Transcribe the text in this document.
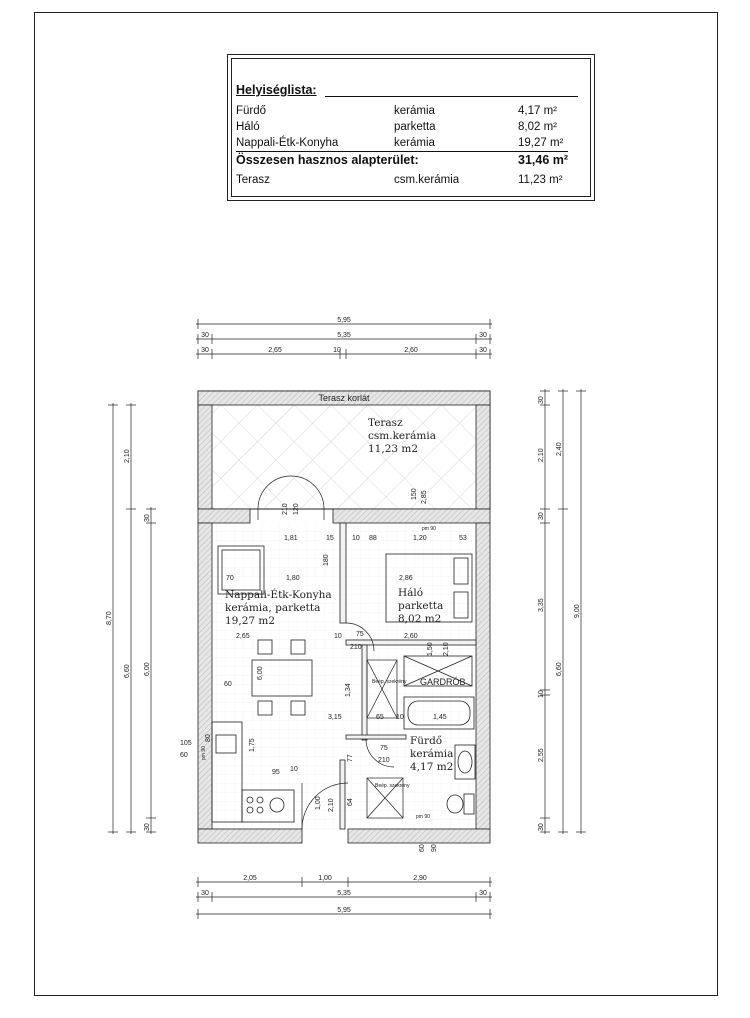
Helyiséglista:
Fürdő	kerámia	4,17 m²
Háló	parketta	8,02 m²
Nappali-Étk-Konyha	kerámia	19,27 m²
Összesen hasznos alapterület:	31,46 m²
Terasz	csm.kerámia	11,23 m²
Terasz korlát
Terasz
csm.kerámia
11,23 m2
210 120
150 2,85
pm 90
Nappali-Étk-Konyha
kerámia, parketta
19,27 m2
Háló
parketta
8,02 m2
GARDRÓB
Beép. szekrény
Beép. szekrény
Fürdő
kerámia
4,17 m2
1,81	15	10 88	1,20	53
70	1,80	2,86
2,65	10 75	2,60
210
60
6,00
1,50 2,10
1,34
3,15	65 10	1,45
105
60
1,75
80
75
210
77
95 10
1,00 2,10 64
60 90
180
pm 90
pm 90
5,95
30	5,35	30
30	2,65	10	2,60	30
2,05	1,00	2,90
30	5,35	30
5,95
8,70
2,10
6,60
30
6,00
30
30
2,10
30
3,35
10
2,55
30
2,40
6,60
9,00
